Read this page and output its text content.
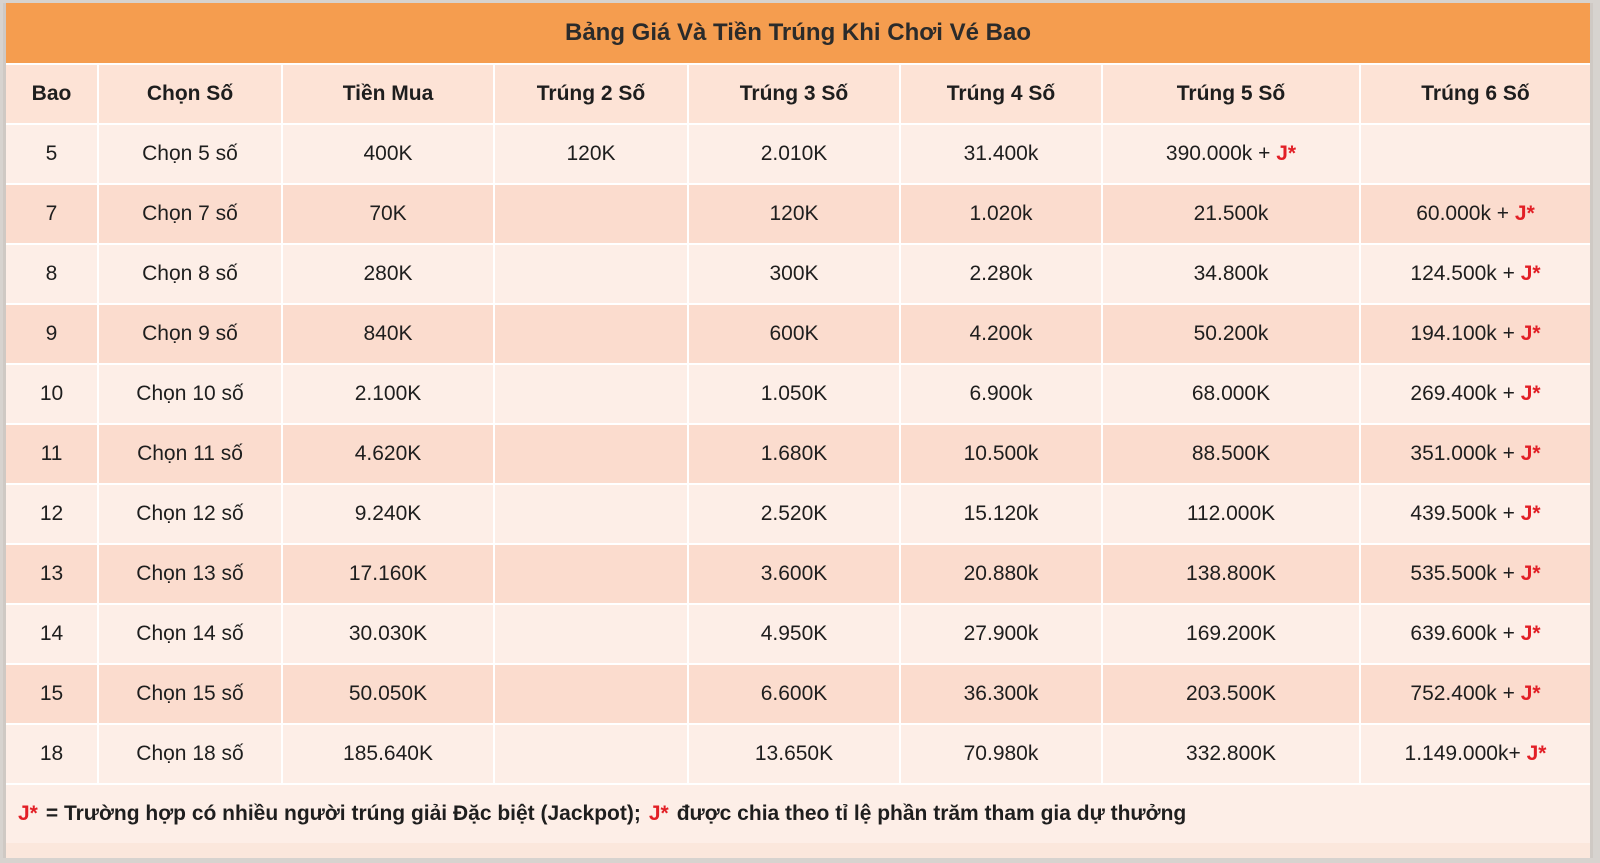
Bảng Giá Và Tiền Trúng Khi Chơi Vé Bao
Bao	Chọn Số	Tiền Mua	Trúng 2 Số	Trúng 3 Số	Trúng 4 Số	Trúng 5 Số	Trúng 6 Số
5	Chọn 5 số	400K	120K	2.010K	31.400k	390.000k + J*	
7	Chọn 7 số	70K		120K	1.020k	21.500k	60.000k + J*
8	Chọn 8 số	280K		300K	2.280k	34.800k	124.500k + J*
9	Chọn 9 số	840K		600K	4.200k	50.200k	194.100k + J*
10	Chọn 10 số	2.100K		1.050K	6.900k	68.000K	269.400k + J*
11	Chọn 11 số	4.620K		1.680K	10.500k	88.500K	351.000k + J*
12	Chọn 12 số	9.240K		2.520K	15.120k	112.000K	439.500k + J*
13	Chọn 13 số	17.160K		3.600K	20.880k	138.800K	535.500k + J*
14	Chọn 14 số	30.030K		4.950K	27.900k	169.200K	639.600k + J*
15	Chọn 15 số	50.050K		6.600K	36.300k	203.500K	752.400k + J*
18	Chọn 18 số	185.640K		13.650K	70.980k	332.800K	1.149.000k+ J*
J* = Trường hợp có nhiều người trúng giải Đặc biệt (Jackpot); J* được chia theo tỉ lệ phần trăm tham gia dự thưởng
